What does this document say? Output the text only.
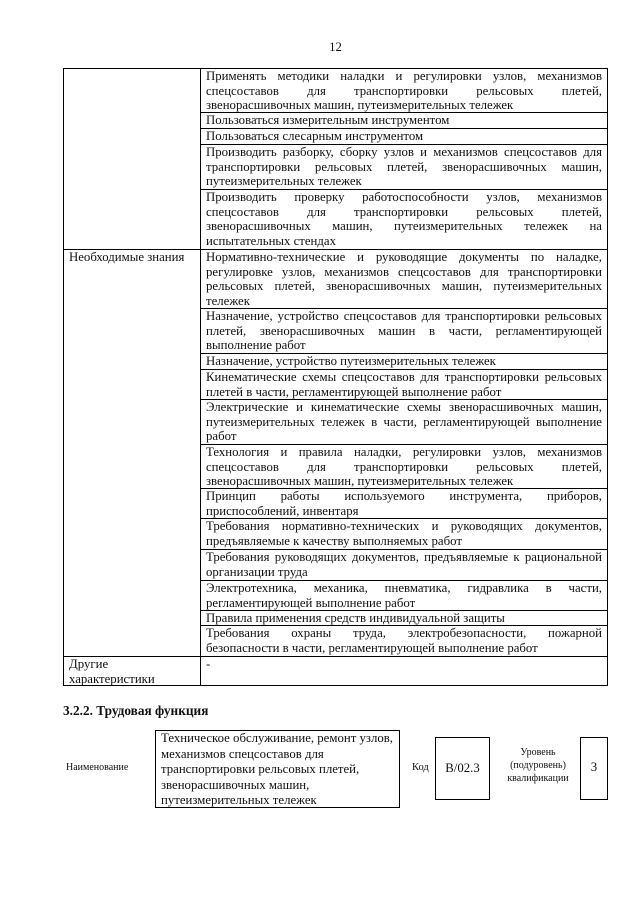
12
Необходимые знания
Другие характеристики
Применять методики наладки и регулировки узлов, механизмов спецсоставов для транспортировки рельсовых плетей, звенорасшивочных машин, путеизмерительных тележек
Пользоваться измерительным инструментом
Пользоваться слесарным инструментом
Производить разборку, сборку узлов и механизмов спецсоставов для транспортировки рельсовых плетей, звенорасшивочных машин, путеизмерительных тележек
Производить проверку работоспособности узлов, механизмов спецсоставов для транспортировки рельсовых плетей, звенорасшивочных машин, путеизмерительных тележек на испытательных стендах
Нормативно-технические и руководящие документы по наладке, регулировке узлов, механизмов спецсоставов для транспортировки рельсовых плетей, звенорасшивочных машин, путеизмерительных тележек
Назначение, устройство спецсоставов для транспортировки рельсовых плетей, звенорасшивочных машин в части, регламентирующей выполнение работ
Назначение, устройство путеизмерительных тележек
Кинематические схемы спецсоставов для транспортировки рельсовых плетей в части, регламентирующей выполнение работ
Электрические и кинематические схемы звенорасшивочных машин, путеизмерительных тележек в части, регламентирующей выполнение работ
Технология и правила наладки, регулировки узлов, механизмов спецсоставов для транспортировки рельсовых плетей, звенорасшивочных машин, путеизмерительных тележек
Принцип работы используемого инструмента, приборов, приспособлений, инвентаря
Требования нормативно-технических и руководящих документов, предъявляемые к качеству выполняемых работ
Требования руководящих документов, предъявляемые к рациональной организации труда
Электротехника, механика, пневматика, гидравлика в части, регламентирующей выполнение работ
Правила применения средств индивидуальной защиты
Требования охраны труда, электробезопасности, пожарной безопасности в части, регламентирующей выполнение работ
-
3.2.2. Трудовая функция
Наименование
Техническое обслуживание, ремонт узлов, механизмов спецсоставов для транспортировки рельсовых плетей, звенорасшивочных машин, путеизмерительных тележек
Код	B/02.3
Уровень (подуровень) квалификации
3
